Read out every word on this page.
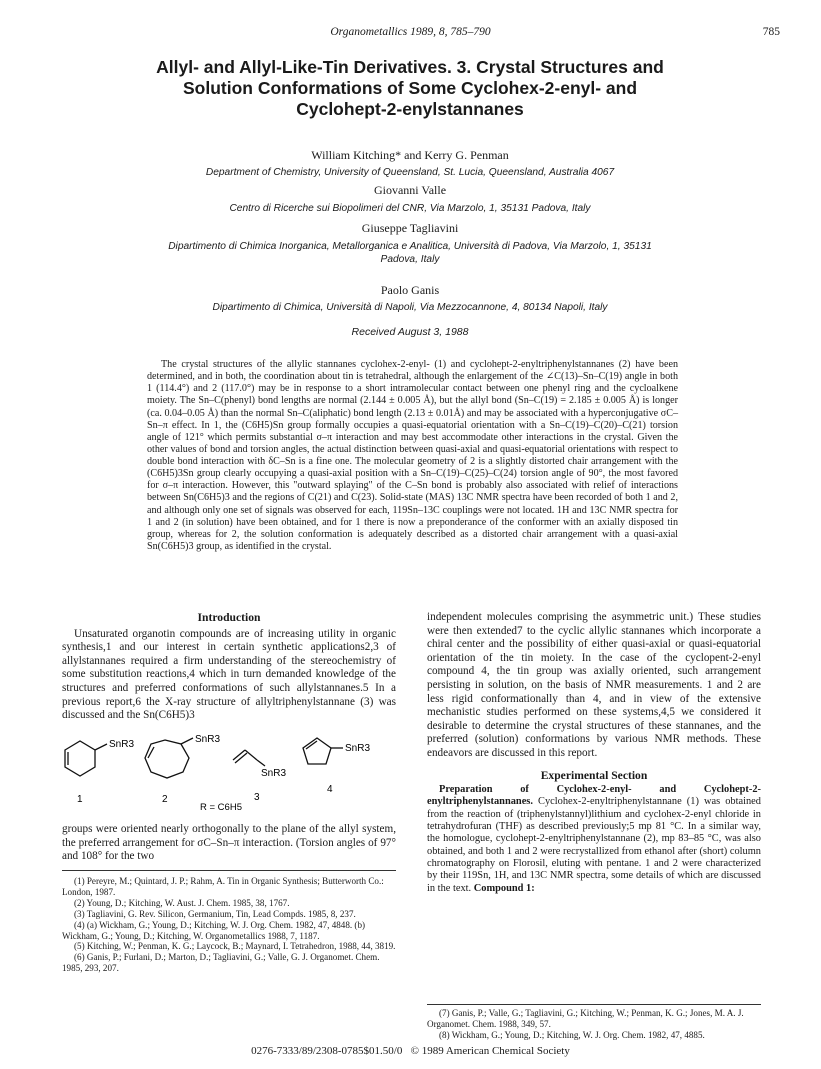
Organometallics 1989, 8, 785–790	785
Allyl- and Allyl-Like-Tin Derivatives. 3. Crystal Structures and
Solution Conformations of Some Cyclohex-2-enyl- and
Cyclohept-2-enylstannanes
William Kitching* and Kerry G. Penman
Department of Chemistry, University of Queensland, St. Lucia, Queensland, Australia 4067
Giovanni Valle
Centro di Ricerche sui Biopolimeri del CNR, Via Marzolo, 1, 35131 Padova, Italy
Giuseppe Tagliavini
Dipartimento di Chimica Inorganica, Metallorganica e Analitica, Università di Padova, Via Marzolo, 1, 35131 Padova, Italy
Paolo Ganis
Dipartimento di Chimica, Università di Napoli, Via Mezzocannone, 4, 80134 Napoli, Italy
Received August 3, 1988

The crystal structures of the allylic stannanes cyclohex-2-enyl- (1) and cyclohept-2-enyltriphenylstannanes (2) have been determined, and in both, the coordination about tin is tetrahedral, although the enlargement of the ∠C(13)–Sn–C(19) angle in both 1 (114.4°) and 2 (117.0°) may be in response to a short intramolecular contact between one phenyl ring and the cycloalkene moiety. The Sn–C(phenyl) bond lengths are normal (2.144 ± 0.005 Å), but the allyl bond (Sn–C(19) = 2.185 ± 0.005 Å) is longer (ca. 0.04–0.05 Å) than the normal Sn–C(aliphatic) bond length (2.13 ± 0.01Å) and may be associated with a hyperconjugative σC–Sn–π effect. In 1, the (C6H5)Sn group formally occupies a quasi-equatorial orientation with a Sn–C(19)–C(20)–C(21) torsion angle of 121° which permits substantial σ–π interaction and may best accommodate other interactions in the crystal. Given the other values of bond and torsion angles, the actual distinction between quasi-axial and quasi-equatorial orientations with respect to double bond interaction with δC–Sn is a fine one. The molecular geometry of 2 is a slightly distorted chair arrangement with the (C6H5)3Sn group clearly occupying a quasi-axial position with a Sn–C(19)–C(25)–C(24) torsion angle of 90°, the most favored for σ–π interaction. However, this "outward splaying" of the C–Sn bond is probably also associated with relief of interactions between Sn(C6H5)3 and the regions of C(21) and C(23). Solid-state (MAS) 13C NMR spectra have been recorded of both 1 and 2, and although only one set of signals was observed for each, 119Sn–13C couplings were not located. 1H and 13C NMR spectra for 1 and 2 (in solution) have been obtained, and for 1 there is now a preponderance of the conformer with an axially disposed tin group, whereas for 2, the solution conformation is adequately described as a distorted chair arrangement with a quasi-axial Sn(C6H5)3 group, as identified in the crystal.

Introduction

Unsaturated organotin compounds are of increasing utility in organic synthesis,1 and our interest in certain synthetic applications2,3 of allylstannanes required a firm understanding of the stereochemistry of some substitution reactions,4 which in turn demanded knowledge of the structures and preferred conformations of such allylstannanes.5 In a previous report,6 the X-ray structure of allyltriphenylstannane (3) was discussed and the Sn(C6H5)3

SnR3
1
SnR3
2
SnR3
3
SnR3
4
R = C6H5

groups were oriented nearly orthogonally to the plane of the allyl system, the preferred arrangement for σC–Sn–π interaction. (Torsion angles of 97° and 108° for the two

(1) Pereyre, M.; Quintard, J. P.; Rahm, A. Tin in Organic Synthesis; Butterworth Co.: London, 1987.
(2) Young, D.; Kitching, W. Aust. J. Chem. 1985, 38, 1767.
(3) Tagliavini, G. Rev. Silicon, Germanium, Tin, Lead Compds. 1985, 8, 237.
(4) (a) Wickham, G.; Young, D.; Kitching, W. J. Org. Chem. 1982, 47, 4848. (b) Wickham, G.; Young, D.; Kitching, W. Organometallics 1988, 7, 1187.
(5) Kitching, W.; Penman, K. G.; Laycock, B.; Maynard, I. Tetrahedron, 1988, 44, 3819.
(6) Ganis, P.; Furlani, D.; Marton, D.; Tagliavini, G.; Valle, G. J. Organomet. Chem. 1985, 293, 207.

independent molecules comprising the asymmetric unit.) These studies were then extended7 to the cyclic allylic stannanes which incorporate a chiral center and the possibility of either quasi-axial or quasi-equatorial orientation of the tin moiety. In the case of the cyclopent-2-enyl compound 4, the tin group was axially oriented, such arrangement persisting in solution, on the basis of NMR measurements. 1 and 2 are less rigid conformationally than 4, and in view of the extensive mechanistic studies performed on these systems,4,5 we considered it desirable to determine the crystal structures of these stannanes, and the preferred (solution) conformations by various NMR methods. These endeavors are discussed in this report.

Experimental Section

Preparation of Cyclohex-2-enyl- and Cyclohept-2-enyltriphenylstannanes. Cyclohex-2-enyltriphenylstannane (1) was obtained from the reaction of (triphenylstannyl)lithium and cyclohex-2-enyl chloride in tetrahydrofuran (THF) as described previously;5 mp 81 °C. In a similar way, the homologue, cyclohept-2-enyltriphenylstannane (2), mp 83–85 °C, was also obtained, and both 1 and 2 were recrystallized from ethanol after (short) column chromatography on Florosil, eluting with pentane. 1 and 2 were characterized by their 119Sn, 1H, and 13C NMR spectra, some details of which are discussed in the text. Compound 1:

(7) Ganis, P.; Valle, G.; Tagliavini, G.; Kitching, W.; Penman, K. G.; Jones, M. A. J. Organomet. Chem. 1988, 349, 57.
(8) Wickham, G.; Young, D.; Kitching, W. J. Org. Chem. 1982, 47, 4885.
0276-7333/89/2308-0785$01.50/0   © 1989 American Chemical Society
